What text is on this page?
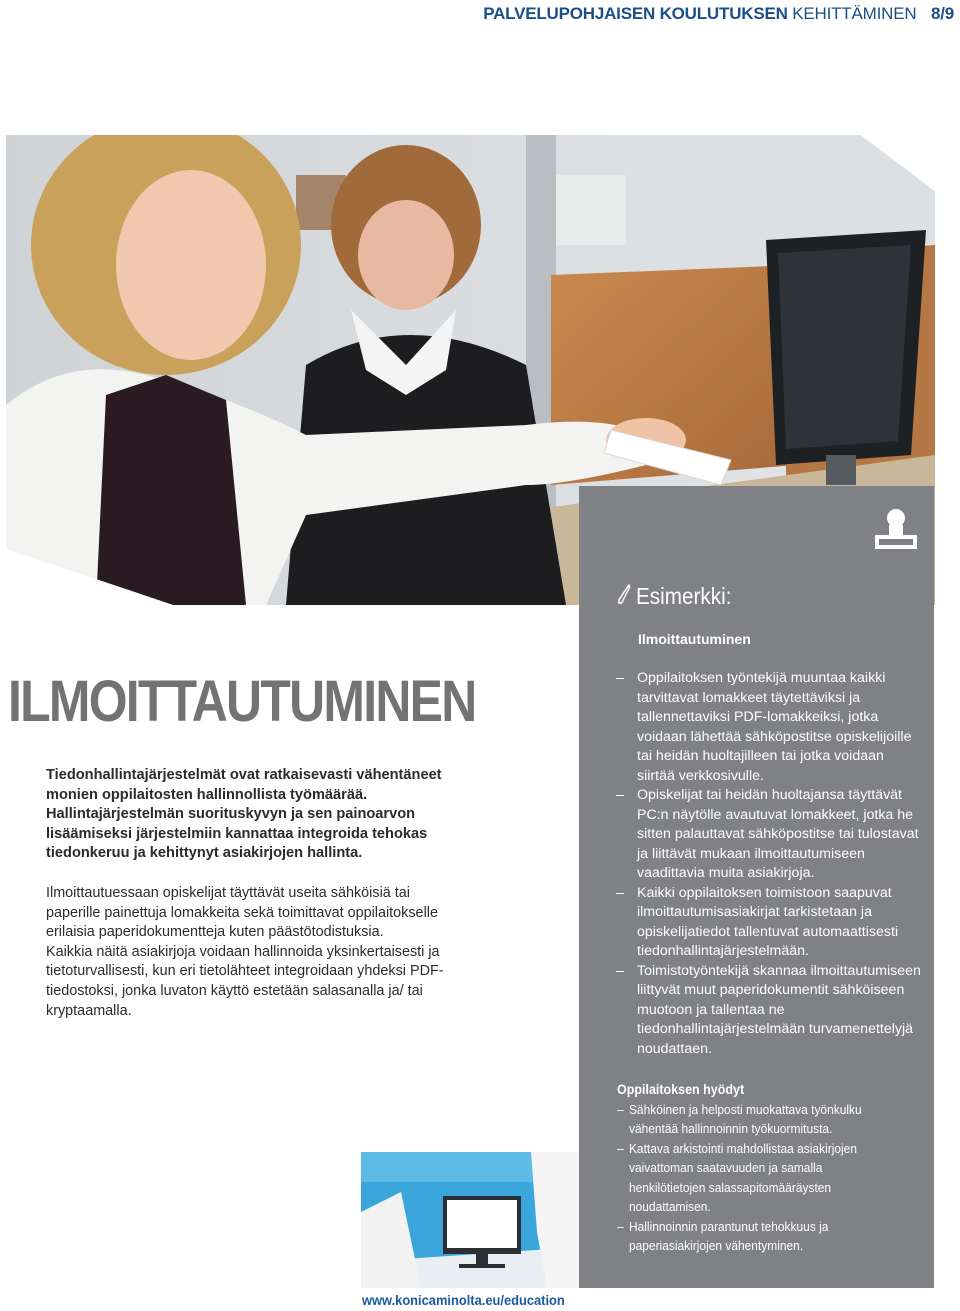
PALVELUPOHJAISEN KOULUTUKSEN KEHITTÄMINEN 8/9
ILMOITTAUTUMINEN
Tiedonhallintajärjestelmät ovat ratkaisevasti vähentäneet monien oppilaitosten hallinnollista työmäärää. Hallintajärjestelmän suorituskyvyn ja sen painoarvon lisäämiseksi järjestelmiin kannattaa integroida tehokas tiedonkeruu ja kehittynyt asiakirjojen hallinta.

Ilmoittautuessaan opiskelijat täyttävät useita sähköisiä tai paperille painettuja lomakkeita sekä toimittavat oppilaitokselle erilaisia paperidokumentteja kuten päästötodistuksia.

Kaikkia näitä asiakirjoja voidaan hallinnoida yksinkertaisesti ja tietoturvallisesti, kun eri tietolähteet integroidaan yhdeksi PDF-tiedostoksi, jonka luvaton käyttö estetään salasanalla ja/ tai kryptaamalla.

Esimerkki:
Ilmoittautuminen
– Oppilaitoksen työntekijä muuntaa kaikki tarvittavat lomakkeet täytettäviksi ja tallennettaviksi PDF-lomakkeiksi, jotka voidaan lähettää sähköpostitse opiskelijoille tai heidän huoltajilleen tai jotka voidaan siirtää verkkosivulle.
– Opiskelijat tai heidän huoltajansa täyttävät PC:n näytölle avautuvat lomakkeet, jotka he sitten palauttavat sähköpostitse tai tulostavat ja liittävät mukaan ilmoittautumiseen vaadittavia muita asiakirjoja.
– Kaikki oppilaitoksen toimistoon saapuvat ilmoittautumisasiakirjat tarkistetaan ja opiskelijatiedot tallentuvat automaattisesti tiedonhallintajärjestelmään.
– Toimistotyöntekijä skannaa ilmoittautumiseen liittyvät muut paperidokumentit sähköiseen muotoon ja tallentaa ne tiedonhallintajärjestelmään turvamenettelyjä noudattaen.
Oppilaitoksen hyödyt
– Sähköinen ja helposti muokattava työnkulku vähentää hallinnoinnin työkuormitusta.
– Kattava arkistointi mahdollistaa asiakirjojen vaivattoman saatavuuden ja samalla henkilötietojen salassapitomääräysten noudattamisen.
– Hallinnoinnin parantunut tehokkuus ja paperiasiakirjojen vähentyminen.
www.konicaminolta.eu/education
